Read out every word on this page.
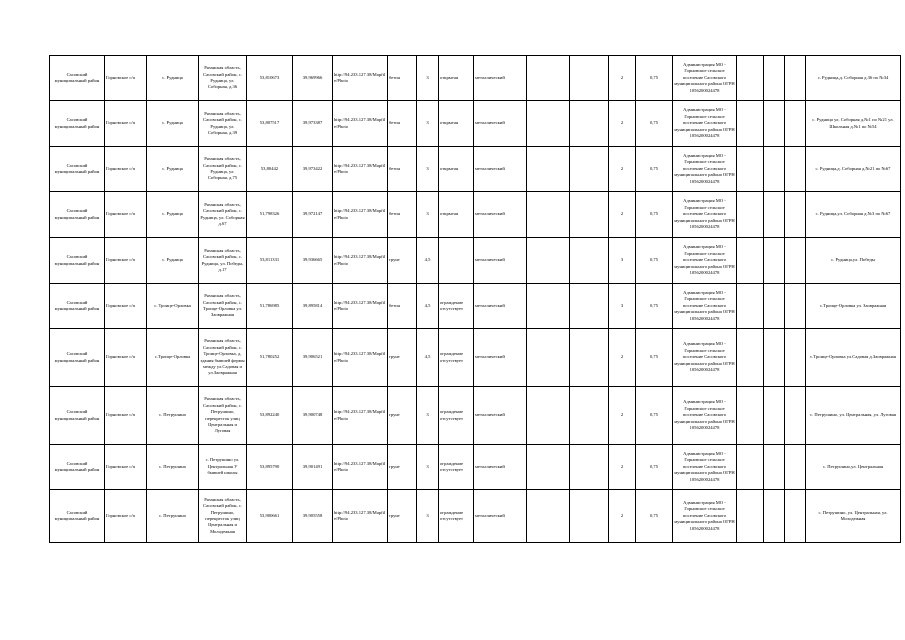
Сасовский муниципальный район	Горновское с/п	с. Рудница	Рязанская область, Сасовский район, с. Рудница, ул. Соборная, д.36	53,810673	39,969966	http://94.233.127.38/Mapfile/Photo	бетон	3	открытая	металлический			2	0,75	Администрация МО - Горновское сельское поселение Сасовского муниципального района ОГРН 1056200024478				с. Рудница,д. Соборная д.36 по №34
Сасовский муниципальный район	Горновское с/п	с. Рудница	Рязанская область, Сасовский район, с. Рудница, ул. Соборная, д.39	53,807517	39,973387	http://94.233.127.38/Mapfile/Photo	бетон	3	открытая	металлический			2	0,75	Администрация МО - Горновское сельское поселение Сасовского муниципального района ОГРН 1056200024478				с. Рудница ул. Соборная д.№1 по №21 ул. Школьная д.№1 по №54
Сасовский муниципальный район	Горновское с/п	с. Рудница	Рязанская область, Сасовский район, с. Рудница, ул. Соборная, д.75	53,80442	39,973422	http://94.233.127.38/Mapfile/Photo	бетон	3	открытая	металлический			2	0,75	Администрация МО - Горновское сельское поселение Сасовского муниципального района ОГРН 1056200024478				с. Рудница,д. Соборная д.№21 по №67
Сасовский муниципальный район	Горновское с/п	с. Рудница	Рязанская область, Сасовский район, с. Рудница, ул. Соборная д.67	51,798326	39,972147	http://94.233.127.38/Mapfile/Photo	бетон	3	открытая	металлический			2	0,75	Администрация МО - Горновское сельское поселение Сасовского муниципального района ОГРН 1056200024478				с. Рудница,ул. Соборная д.№3 по №67
Сасовский муниципальный район	Горновское с/п	с. Рудница	Рязанская область, Сасовский район, с. Рудница, ул. Победы, д.17	53,811331	39,936665	http://94.233.127.38/Mapfile/Photo	грунт	4,5		металлический			3	0,75	Администрация МО - Горновское сельское поселение Сасовского муниципального района ОГРН 1056200024478				с. Рудница,ул. Победы
Сасовский муниципальный район	Горновское с/п	с. Троице-Орловка	Рязанская область, Сасовский район, с. Троице-Орловка ул. Заовражная	51,786985	39,895814	http://94.233.127.38/Mapfile/Photo	бетон	4,5	ограждение отсутствует	металлический			3	0,75	Администрация МО - Горновское сельское поселение Сасовского муниципального района ОГРН 1056200024478				с.Троице-Орловка ул. Заовражная
Сасовский муниципальный район	Горновское с/п	с.Троице-Орловка	Рязанская область, Сасовский район, с. Троице-Орловка, д. здания бывшей фермы между ул.Садовая и ул.Заовражная	51,780252	39,906521	http://94.233.127.38/Mapfile/Photo	грунт	4,5	ограждение отсутствует	металлический			2	0,75	Администрация МО - Горновское сельское поселение Сасовского муниципального района ОГРН 1056200024478				с.Троице-Орловка ул.Садовая д.Заовражная
Сасовский муниципальный район	Горновское с/п	с. Петрушино	Рязанская область, Сасовский район, с. Петрушино, перекресток улиц Центральная и Луговая	53,892240	39,900748	http://94.233.127.38/Mapfile/Photo	грунт	3	ограждение отсутствует	металлический			2	0,75	Администрация МО - Горновское сельское поселение Сасовского муниципального района ОГРН 1056200024478				с. Петрушино, ул. Центральная, ул. Луговая
Сасовский муниципальный район	Горновское с/п	с. Петрушино	с. Петрушино ул. Центральная У бывшей школы	53,895790	39,901491	http://94.233.127.38/Mapfile/Photo	грунт	3	ограждение отсутствует	металлический			2	0,75	Администрация МО - Горновское сельское поселение Сасовского муниципального района ОГРН 1056200024478				с. Петрушино,ул. Центральная
Сасовский муниципальный район	Горновское с/п	с. Петрушино	Рязанская область, Сасовский район, с. Петрушино, перекресток улиц Центральная и Молодежная	53,900661	39,905558	http://94.233.127.38/Mapfile/Photo	грунт	3	ограждение отсутствует	металлический			2	0,75	Администрация МО - Горновское сельское поселение Сасовского муниципального района ОГРН 1056200024478				с. Петрушино, ул. Центральная, ул. Молодежная
